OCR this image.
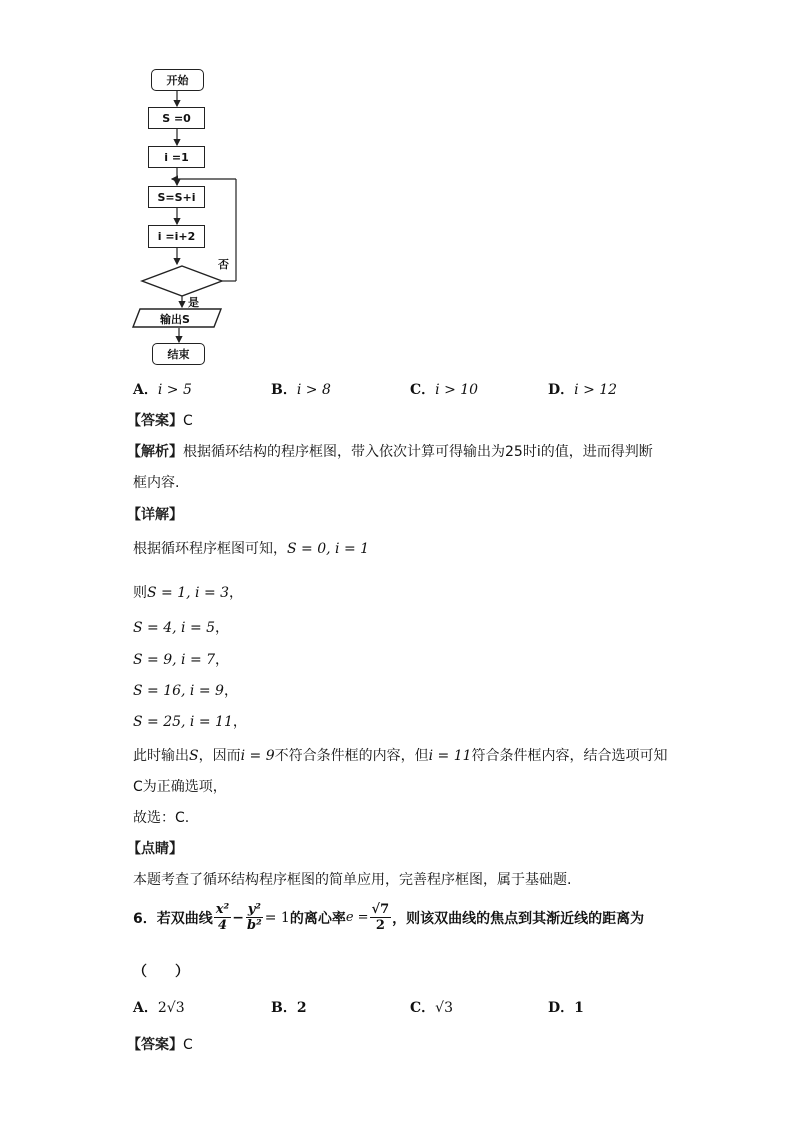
开始
S =0
i =1
S=S+i
i =i+2
否
是
输出S
结束
A．i > 5	B．i > 8	C．i > 10	D．i > 12
【答案】C
【解析】根据循环结构的程序框图，带入依次计算可得输出为25时i的值，进而得判断
框内容.
【详解】
根据循环程序框图可知，S = 0, i = 1
则S = 1, i = 3，
S = 4, i = 5，
S = 9, i = 7，
S = 16, i = 9，
S = 25, i = 11，
此时输出S，因而i = 9不符合条件框的内容，但i = 11符合条件框内容，结合选项可知
C为正确选项，
故选：C.
【点睛】
本题考查了循环结构程序框图的简单应用，完善程序框图，属于基础题.
6． 若双曲线 $\frac{\text{x²}}{4} - \frac{\text{y²}}{\text{b²}} = 1$ 的离心率 $e = \frac{√7}{2}$ ，则该双曲线的焦点到其渐近线的距离为
（　　）
A．2√3	B．2	C．√3	D．1
【答案】C
